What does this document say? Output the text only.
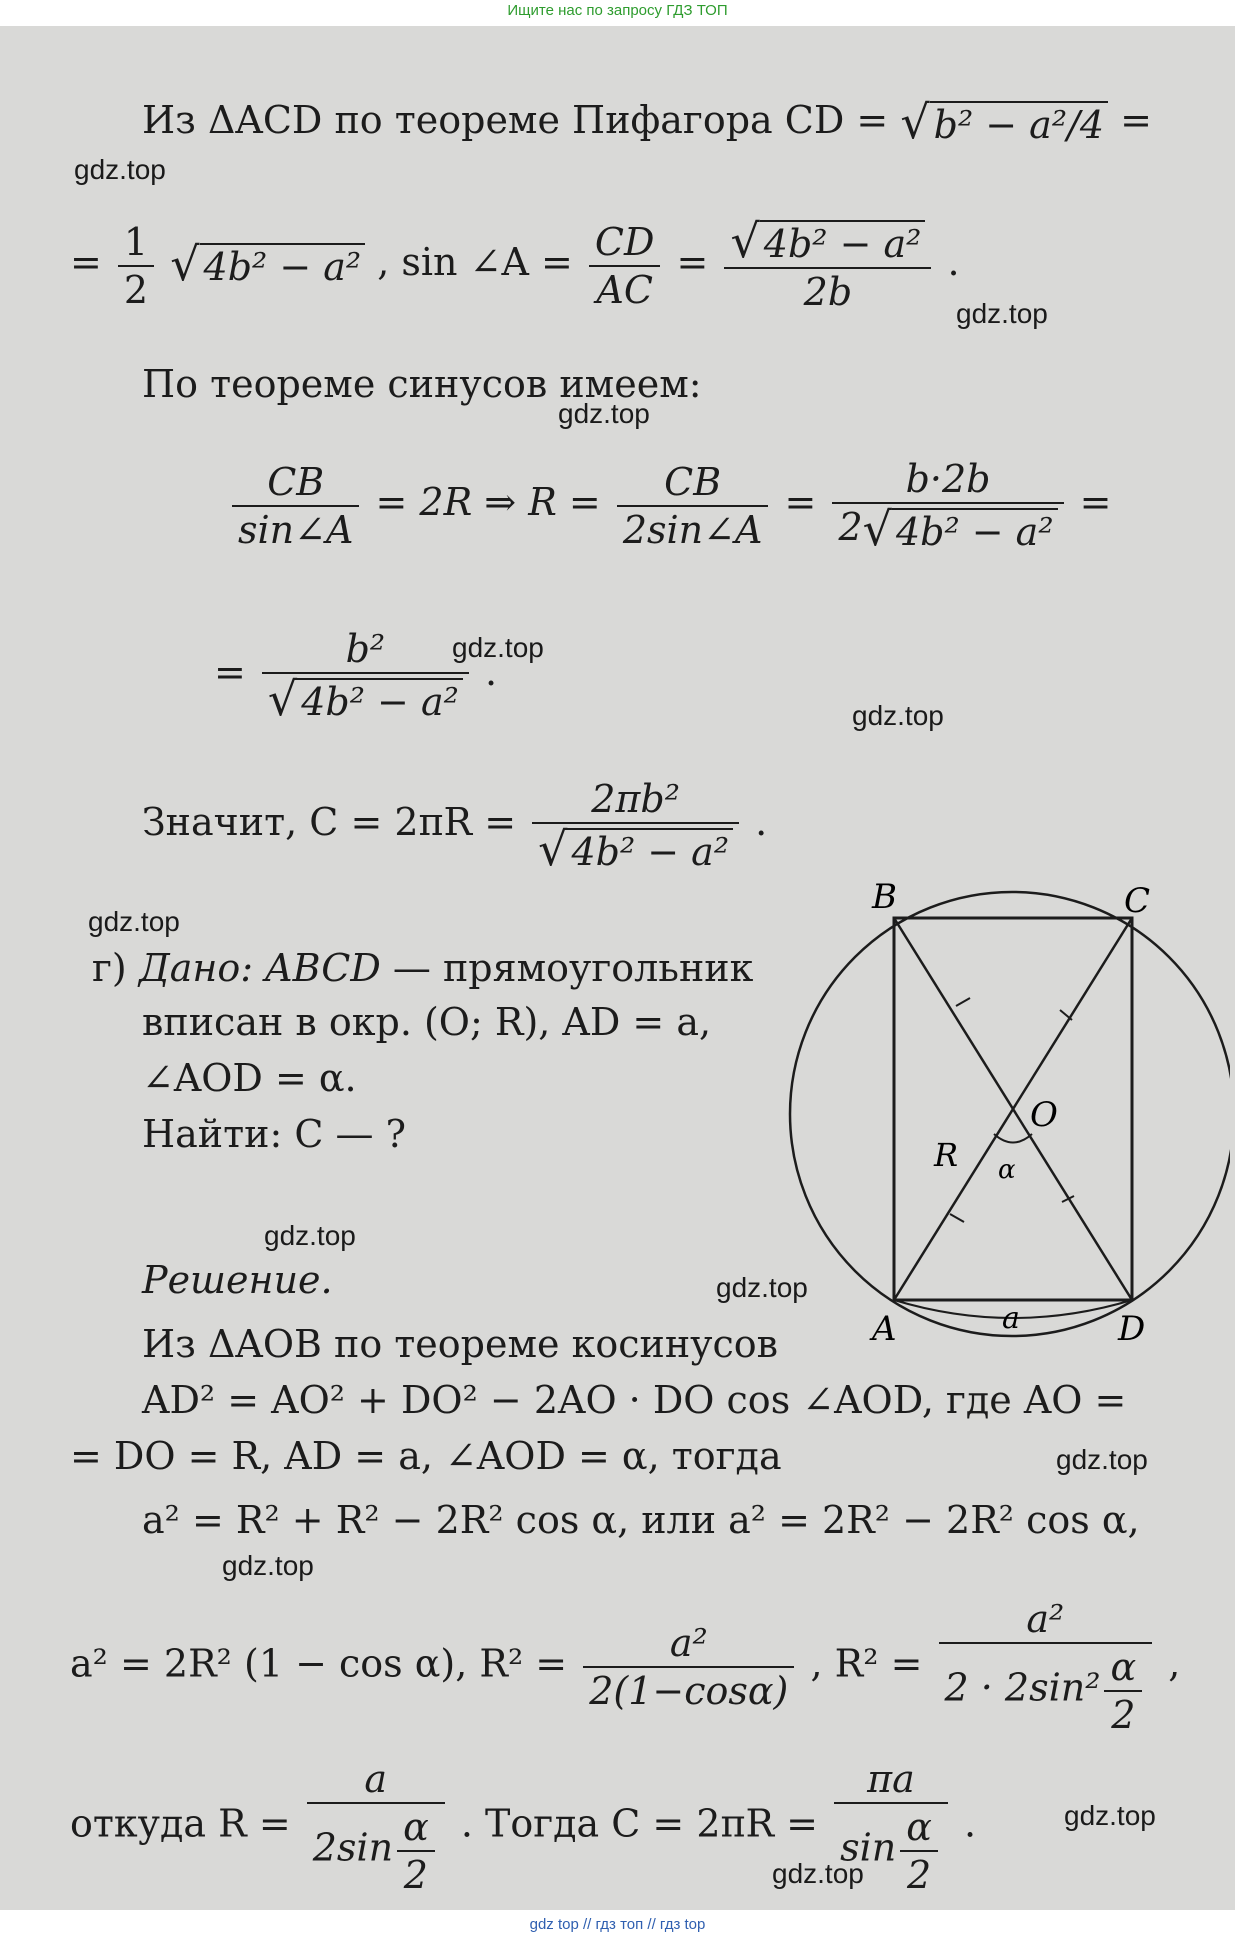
Ищите нас по запросу ГДЗ ТОП
Из ΔACD по теореме Пифагора CD = √ b² − a²/4 =
= $\frac{1}{2}$ √ 4b² − a² , sin ∠A = $\frac{CD}{AC} = \frac{\text{√ 4b² − a²}}{2b}$ .
По теореме синусов имеем:
$\frac{CB}{\sin\angle A} = 2R$ ⇒ $R = \frac{CB}{2\sin\angle A} = \frac{b\cdot 2b}{\text{2√ 4b² − a²}}$ =
= $\frac{\text{b²}}{\text{√ 4b² − a²}}$ .
Значит, $C = 2\pi R = \frac{\text{2πb²}}{\text{√ 4b² − a²}}$ .
г) Дано: ABCD — прямоугольник
вписан в окр. (O; R), AD = a,
∠AOD = α.
Найти: C — ?
Решение.
Из ΔAOB по теореме косинусов
AD² = AO² + DO² − 2AO · DO cos ∠AOD, где AO =
= DO = R, AD = a, ∠AOD = α, тогда
a² = R² + R² − 2R² cos α, или a² = 2R² − 2R² cos α,
a² = 2R² (1 − cos α), $R^2 = \frac{\text{a²}}{2(1-\cos\alpha)}$ , $R^2 = \frac{\text{a²}}{2 \cdot 2\sin^2 \frac{\alpha}{2}}$ ,
откуда $R = \frac{a}{2\sin \frac{\alpha}{2}}$ . Тогда $C = 2\pi R = \frac{\pi a}{\sin \frac{\alpha}{2}}$ .
B	C
O
R α
A	a	D
gdz.top
gdz.top
gdz.top
gdz.top
gdz.top
gdz.top
gdz.top
gdz.top
gdz.top
gdz.top
gdz.top
gdz.top
gdz top // гдз топ // гдз top
